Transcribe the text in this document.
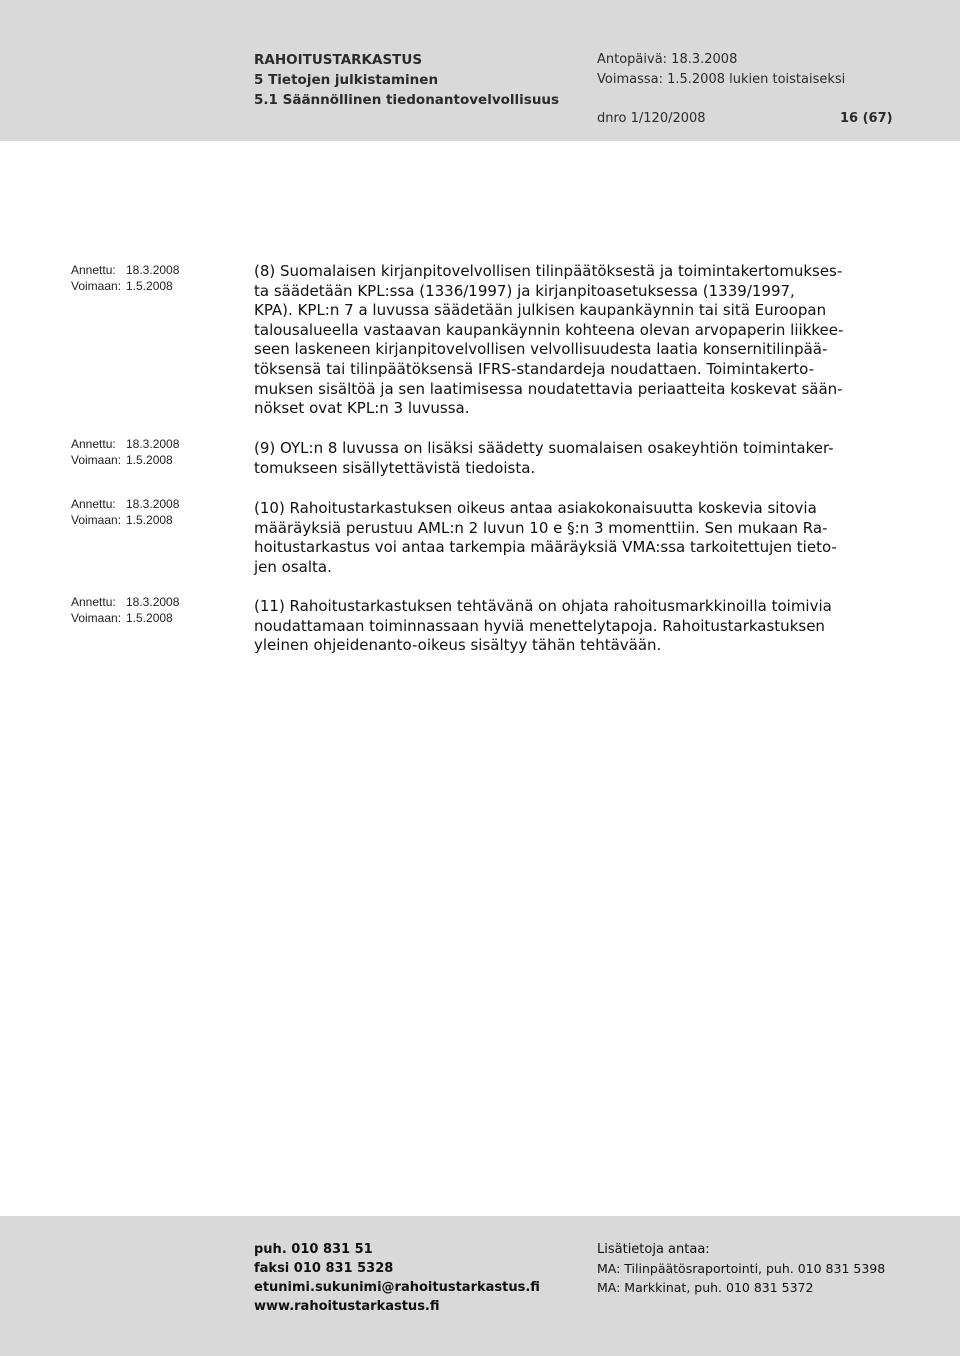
RAHOITUSTARKASTUS
5 Tietojen julkistaminen
5.1 Säännöllinen tiedonantovelvollisuus
Antopäivä: 18.3.2008
Voimassa: 1.5.2008 lukien toistaiseksi
dnro 1/120/2008	16 (67)
Annettu: 18.3.2008
Voimaan: 1.5.2008
Annettu: 18.3.2008
Voimaan: 1.5.2008
Annettu: 18.3.2008
Voimaan: 1.5.2008
Annettu: 18.3.2008
Voimaan: 1.5.2008
(8) Suomalaisen kirjanpitovelvollisen tilinpäätöksestä ja toimintakertomukses-
ta säädetään KPL:ssa (1336/1997) ja kirjanpitoasetuksessa (1339/1997,
KPA). KPL:n 7 a luvussa säädetään julkisen kaupankäynnin tai sitä Euroopan
talousalueella vastaavan kaupankäynnin kohteena olevan arvopaperin liikkee-
seen laskeneen kirjanpitovelvollisen velvollisuudesta laatia konsernitilinpää-
töksensä tai tilinpäätöksensä IFRS-standardeja noudattaen. Toimintakerto-
muksen sisältöä ja sen laatimisessa noudatettavia periaatteita koskevat sään-
nökset ovat KPL:n 3 luvussa.
(9) OYL:n 8 luvussa on lisäksi säädetty suomalaisen osakeyhtiön toimintaker-
tomukseen sisällytettävistä tiedoista.
(10) Rahoitustarkastuksen oikeus antaa asiakokonaisuutta koskevia sitovia
määräyksiä perustuu AML:n 2 luvun 10 e §:n 3 momenttiin. Sen mukaan Ra-
hoitustarkastus voi antaa tarkempia määräyksiä VMA:ssa tarkoitettujen tieto-
jen osalta.
(11) Rahoitustarkastuksen tehtävänä on ohjata rahoitusmarkkinoilla toimivia
noudattamaan toiminnassaan hyviä menettelytapoja. Rahoitustarkastuksen
yleinen ohjeidenanto-oikeus sisältyy tähän tehtävään.
puh. 010 831 51
faksi 010 831 5328
etunimi.sukunimi@rahoitustarkastus.fi
www.rahoitustarkastus.fi
Lisätietoja antaa:
MA: Tilinpäätösraportointi, puh. 010 831 5398
MA: Markkinat, puh. 010 831 5372
